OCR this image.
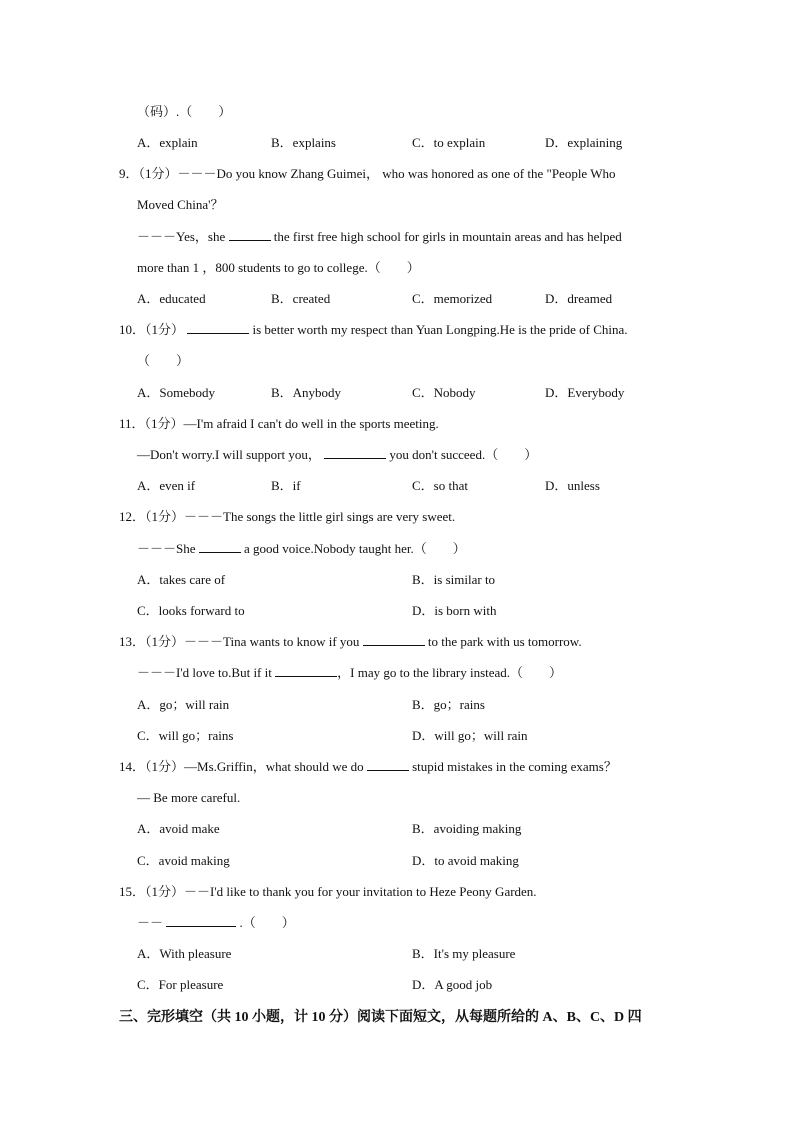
（码）.（　　）
A．explain	B．explains	C．to explain	D．explaining
9．（1分）－－－Do you know Zhang Guimei， who was honored as one of the "People Who
Moved China'？
－－－Yes，she	the first free high school for girls in mountain areas and has helped
more than 1 ，800 students to go to college.（　　）
A．educated	B．created	C．memorized	D．dreamed
10．（1分）	is better worth my respect than Yuan Longping.He is the pride of China.
（　　）
A．Somebody	B．Anybody	C．Nobody	D．Everybody
11．（1分）—I'm afraid I can't do well in the sports meeting.
—Don't worry.I will support you，	you don't succeed.（　　）
A．even if	B．if	C．so that	D．unless
12．（1分）－－－The songs the little girl sings are very sweet.
－－－She	a good voice.Nobody taught her.（　　）
A．takes care of	B．is similar to
C．looks forward to	D．is born with
13．（1分）－－－Tina wants to know if you	to the park with us tomorrow.
－－－I'd love to.But if it	，I may go to the library instead.（　　）
A．go；will rain	B．go；rains
C．will go；rains	D．will go；will rain
14．（1分）—Ms.Griffin，what should we do	stupid mistakes in the coming exams？
— Be more careful.
A．avoid make	B．avoiding making
C．avoid making	D．to avoid making
15．（1分）－－I'd like to thank you for your invitation to Heze Peony Garden.
－－	.（　　）
A．With pleasure	B．It's my pleasure
C．For pleasure	D．A good job
三、完形填空（共 10 小题，计 10 分）阅读下面短文，从每题所给的 A、B、C、D 四
